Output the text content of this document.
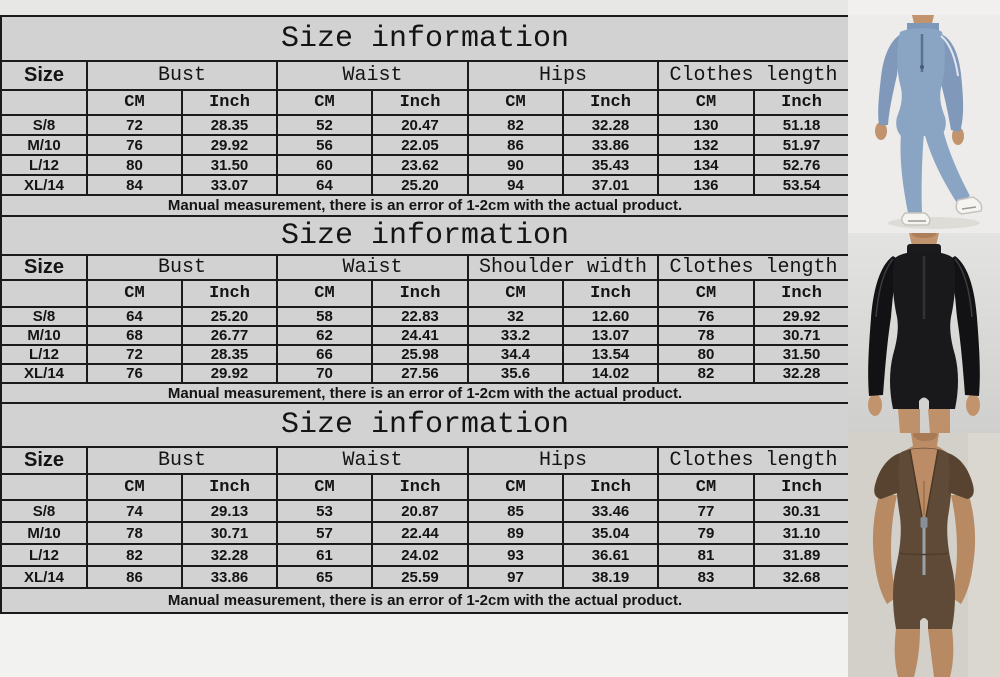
Size information								
Size	Bust		Waist		Hips		Clothes length	
	CM	Inch	CM	Inch	CM	Inch	CM	Inch
S/8	72	28.35	52	20.47	82	32.28	130	51.18
M/10	76	29.92	56	22.05	86	33.86	132	51.97
L/12	80	31.50	60	23.62	90	35.43	134	52.76
XL/14	84	33.07	64	25.20	94	37.01	136	53.54
Manual measurement, there is an error of 1-2cm with the actual product.								
Size information								
Size	Bust		Waist		Shoulder width		Clothes length	
	CM	Inch	CM	Inch	CM	Inch	CM	Inch
S/8	64	25.20	58	22.83	32	12.60	76	29.92
M/10	68	26.77	62	24.41	33.2	13.07	78	30.71
L/12	72	28.35	66	25.98	34.4	13.54	80	31.50
XL/14	76	29.92	70	27.56	35.6	14.02	82	32.28
Manual measurement, there is an error of 1-2cm with the actual product.								
Size information								
Size	Bust		Waist		Hips		Clothes length	
	CM	Inch	CM	Inch	CM	Inch	CM	Inch
S/8	74	29.13	53	20.87	85	33.46	77	30.31
M/10	78	30.71	57	22.44	89	35.04	79	31.10
L/12	82	32.28	61	24.02	93	36.61	81	31.89
XL/14	86	33.86	65	25.59	97	38.19	83	32.68
Manual measurement, there is an error of 1-2cm with the actual product.								
